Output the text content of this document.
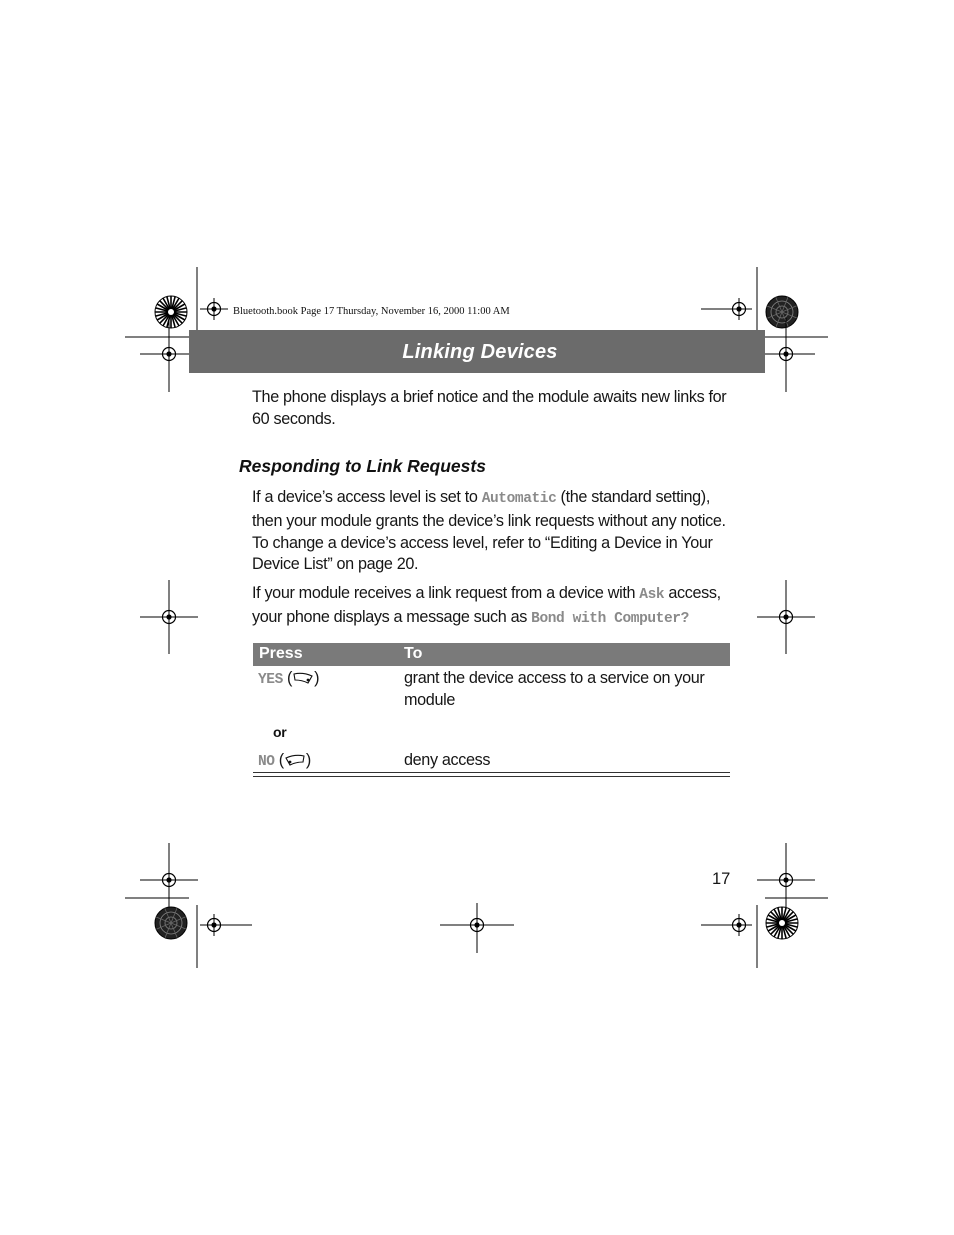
Bluetooth.book Page 17 Thursday, November 16, 2000 11:00 AM
Linking Devices

The phone displays a brief notice and the module awaits new links for 60 seconds.

Responding to Link Requests

If a device’s access level is set to Automatic (the standard setting), then your module grants the device’s link requests without any notice. To change a device’s access level, refer to “Editing a Device in Your Device List” on page 20.

If your module receives a link request from a device with Ask access, your phone displays a message such as Bond with Computer?

Press	To
YES ( )	grant the device access to a service on your module
or
NO ( )	deny access
17
